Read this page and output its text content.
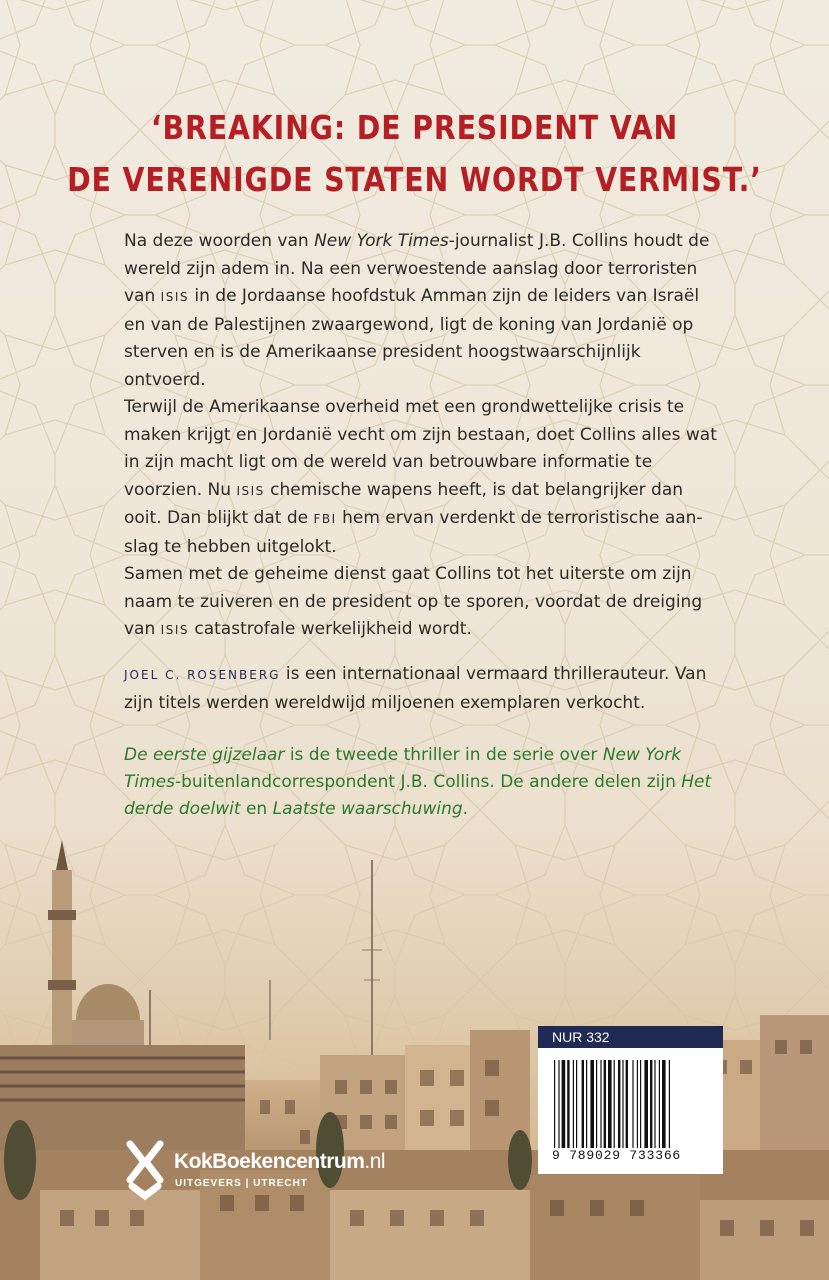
‘BREAKING: DE PRESIDENT VAN
DE VERENIGDE STATEN WORDT VERMIST.’

Na deze woorden van New York Times-journalist J.B. Collins houdt de wereld zijn adem in. Na een verwoestende aanslag door terroristen van ISIS in de Jordaanse hoofdstuk Amman zijn de leiders van Israël en van de Palestijnen zwaargewond, ligt de koning van Jordanië op sterven en is de Amerikaanse president hoogstwaarschijnlijk ontvoerd.

Terwijl de Amerikaanse overheid met een grondwettelijke crisis te maken krijgt en Jordanië vecht om zijn bestaan, doet Collins alles wat in zijn macht ligt om de wereld van betrouwbare informatie te voorzien. Nu ISIS chemische wapens heeft, is dat belangrijker dan ooit. Dan blijkt dat de FBI hem ervan verdenkt de terroristische aanslag te hebben uitgelokt.

Samen met de geheime dienst gaat Collins tot het uiterste om zijn naam te zuiveren en de president op te sporen, voordat de dreiging van ISIS catastrofale werkelijkheid wordt.

JOEL C. ROSENBERG is een internationaal vermaard thrillerauteur. Van zijn titels werden wereldwijd miljoenen exemplaren verkocht.
De eerste gijzelaar is de tweede thriller in de serie over New York Times-buitenlandcorrespondent J.B. Collins. De andere delen zijn Het derde doelwit en Laatste waarschuwing.
KokBoekencentrum.nl
UITGEVERS | UTRECHT
NUR 332
9 789029 733366
